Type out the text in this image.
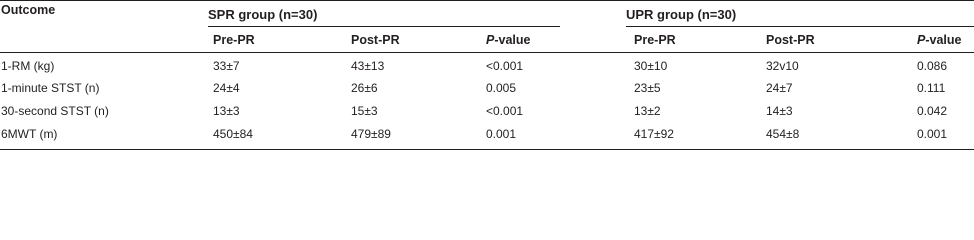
Outcome	SPR group (n=30)	UPR group (n=30)
Pre-PR	Post-PR	P-value	Pre-PR	Post-PR	P-value
1-RM (kg)	33±7	43±13	<0.001	30±10	32v10	0.086
1-minute STST (n)	24±4	26±6	0.005	23±5	24±7	0.111
30-second STST (n)	13±3	15±3	<0.001	13±2	14±3	0.042
6MWT (m)	450±84	479±89	0.001	417±92	454±8	0.001
